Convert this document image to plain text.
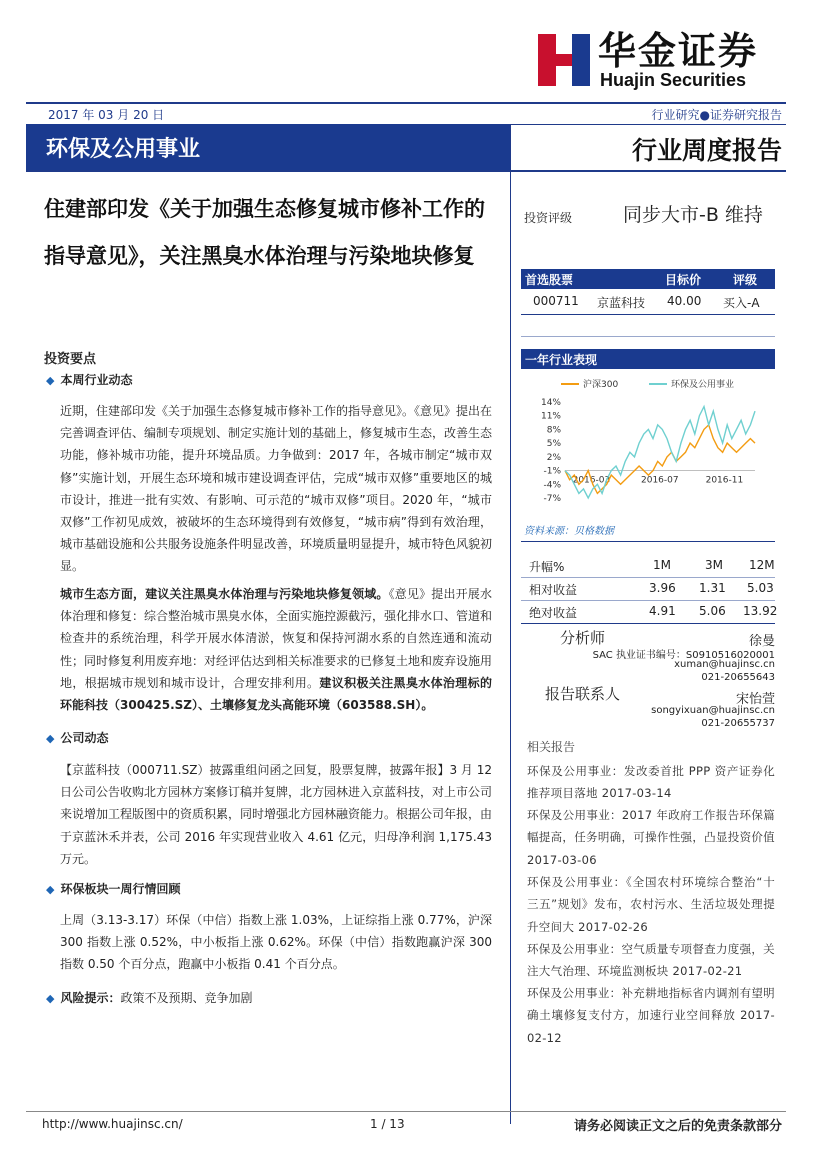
华金证券
Huajin Securities
2017 年 03 月 20 日	行业研究●证券研究报告
环保及公用事业	行业周度报告
住建部印发《关于加强生态修复城市修补工作的指导意见》，关注黑臭水体治理与污染地块修复
投资要点
◆ 本周行业动态
近期，住建部印发《关于加强生态修复城市修补工作的指导意见》。《意见》提出在完善调查评估、编制专项规划、制定实施计划的基础上，修复城市生态，改善生态功能，修补城市功能，提升环境品质。力争做到：2017 年，各城市制定“城市双修”实施计划，开展生态环境和城市建设调查评估，完成“城市双修”重要地区的城市设计，推进一批有实效、有影响、可示范的“城市双修”项目。2020 年，“城市双修”工作初见成效，被破坏的生态环境得到有效修复，“城市病”得到有效治理，城市基础设施和公共服务设施条件明显改善，环境质量明显提升，城市特色风貌初显。
城市生态方面，建议关注黑臭水体治理与污染地块修复领域。《意见》提出开展水体治理和修复：综合整治城市黑臭水体，全面实施控源截污，强化排水口、管道和检查井的系统治理，科学开展水体清淤，恢复和保持河湖水系的自然连通和流动性；同时修复利用废弃地：对经评估达到相关标准要求的已修复土地和废弃设施用地，根据城市规划和城市设计，合理安排利用。建议积极关注黑臭水体治理标的环能科技（300425.SZ）、土壤修复龙头高能环境（603588.SH）。
◆ 公司动态
【京蓝科技（000711.SZ）披露重组问函之回复，股票复牌，披露年报】3 月 12 日公司公告收购北方园林方案修订稿并复牌，北方园林进入京蓝科技，对上市公司来说增加工程版图中的资质积累，同时增强北方园林融资能力。根据公司年报，由于京蓝沐禾并表，公司 2016 年实现营业收入 4.61 亿元，归母净利润 1,175.43 万元。
◆ 环保板块一周行情回顾
上周（3.13-3.17）环保（中信）指数上涨 1.03%，上证综指上涨 0.77%，沪深 300 指数上涨 0.52%，中小板指上涨 0.62%。环保（中信）指数跑赢沪深 300 指数 0.50 个百分点，跑赢中小板指 0.41 个百分点。
◆ 风险提示：政策不及预期、竞争加剧
投资评级	同步大市-B 维持
首选股票	目标价	评级
000711 京蓝科技 40.00 买入-A
一年行业表现
沪深300	环保及公用事业
14%
11%
8%
5%
2%
-1%
-4%
-7%
2016-03	2016-07	2016-11
资料来源：贝格数据
升幅%	1M	3M 12M
相对收益	3.96 1.31 5.03
绝对收益	4.91 5.06 13.92
分析师	徐曼
SAC 执业证书编号：S0910516020001
xuman@huajinsc.cn
021-20655643
报告联系人	宋怡萱
songyixuan@huajinsc.cn
021-20655737
相关报告
环保及公用事业：发改委首批 PPP 资产证券化推荐项目落地 2017-03-14
环保及公用事业：2017 年政府工作报告环保篇幅提高，任务明确，可操作性强，凸显投资价值 2017-03-06
环保及公用事业：《全国农村环境综合整治“十三五”规划》发布，农村污水、生活垃圾处理提升空间大 2017-02-26
环保及公用事业：空气质量专项督查力度强，关注大气治理、环境监测板块 2017-02-21
环保及公用事业：补充耕地指标省内调剂有望明确土壤修复支付方，加速行业空间释放 2017-02-12
http://www.huajinsc.cn/	1 / 13	请务必阅读正文之后的免责条款部分
